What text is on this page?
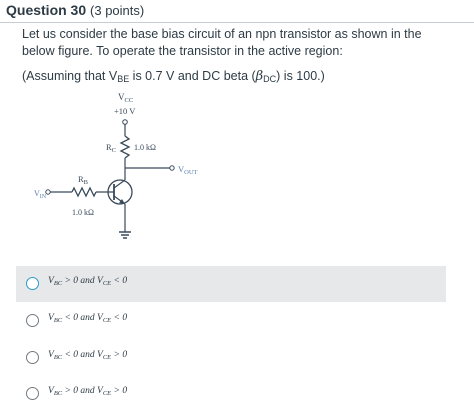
Question 30 (3 points)
Let us consider the base bias circuit of an npn transistor as shown in the below figure. To operate the transistor in the active region:
(Assuming that $V_{BE}$ is 0.7 V and DC beta $(\beta_{DC})$ is 100.)
$V_{CC}$
+10 V
$R_C$ 1.0 kΩ
$V_{OUT}$
$V_{IN}$
$R_B$
1.0 kΩ
$V_{BC} > 0$ and $V_{CE} < 0$
$V_{BC} < 0$ and $V_{CE} < 0$
$V_{BC} < 0$ and $V_{CE} > 0$
$V_{BC} > 0$ and $V_{CE} > 0$
